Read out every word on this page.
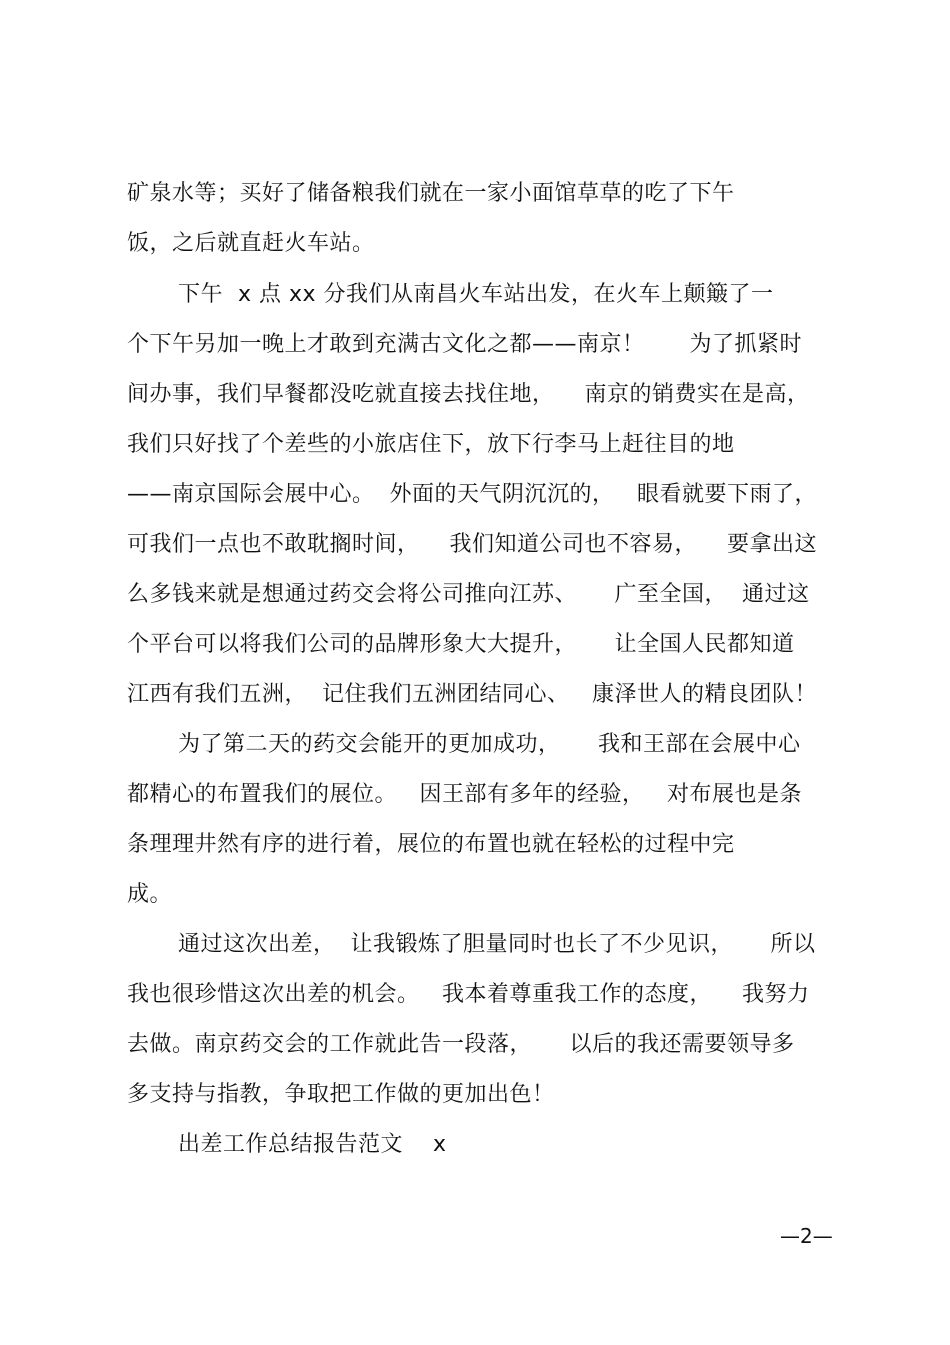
矿泉水等；买好了储备粮我们就在一家小面馆草草的吃了下午
饭，之后就直赶火车站。
下午  x 点 xx 分我们从南昌火车站出发，在火车上颠簸了一
个下午另加一晚上才敢到充满古文化之都——南京！      为了抓紧时
间办事，我们早餐都没吃就直接去找住地，    南京的销费实在是高，
我们只好找了个差些的小旅店住下，放下行李马上赶往目的地
——南京国际会展中心。  外面的天气阴沉沉的，   眼看就要下雨了，
可我们一点也不敢耽搁时间，    我们知道公司也不容易，    要拿出这
么多钱来就是想通过药交会将公司推向江苏、     广至全国，  通过这
个平台可以将我们公司的品牌形象大大提升，     让全国人民都知道
江西有我们五洲，  记住我们五洲团结同心、   康泽世人的精良团队！
为了第二天的药交会能开的更加成功，     我和王部在会展中心
都精心的布置我们的展位。   因王部有多年的经验，   对布展也是条
条理理井然有序的进行着，展位的布置也就在轻松的过程中完
成。
通过这次出差，  让我锻炼了胆量同时也长了不少见识，     所以
我也很珍惜这次出差的机会。   我本着尊重我工作的态度，    我努力
去做。南京药交会的工作就此告一段落，     以后的我还需要领导多
多支持与指教，争取把工作做的更加出色！
出差工作总结报告范文    x
—2—
